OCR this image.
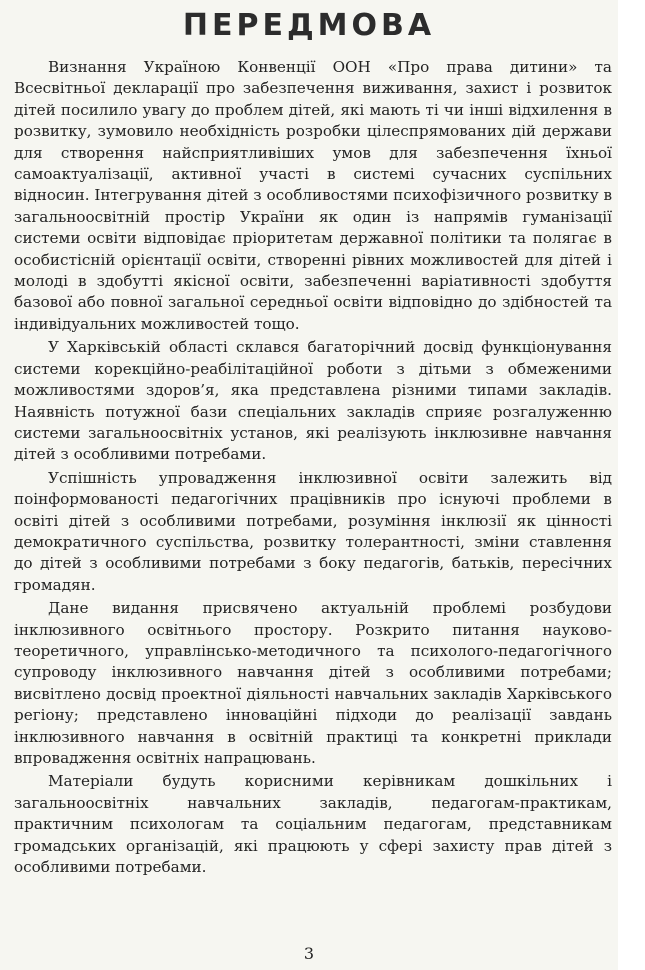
ПЕРЕДМОВА

Визнання Україною Конвенції ООН «Про права дитини» та Всесвітньої декларації про забезпечення виживання, захист і розвиток дітей посилило увагу до проблем дітей, які мають ті чи інші відхилення в розвитку, зумовило необхідність розробки цілеспрямованих дій держави для створення найсприятливіших умов для забезпечення їхньої самоактуалізації, активної участі в системі сучасних суспільних відносин. Інтегрування дітей з особливостями психофізичного розвитку в загальноосвітній простір України як один із напрямів гуманізації системи освіти відповідає пріоритетам державної політики та полягає в особистісній орієнтації освіти, створенні рівних можливостей для дітей і молоді в здобутті якісної освіти, забезпеченні варіативності здобуття базової або повної загальної середньої освіти відповідно до здібностей та індивідуальних можливостей тощо.

У Харківській області склався багаторічний досвід функціонування системи корекційно-реабілітаційної роботи з дітьми з обмеженими можливостями здоров’я, яка представлена різними типами закладів. Наявність потужної бази спеціальних закладів сприяє розгалуженню системи загальноосвітніх установ, які реалізують інклюзивне навчання дітей з особливими потребами.

Успішність упровадження інклюзивної освіти залежить від поінформованості педагогічних працівників про існуючі проблеми в освіті дітей з особливими потребами, розуміння інклюзії як цінності демократичного суспільства, розвитку толерантності, зміни ставлення до дітей з особливими потребами з боку педагогів, батьків, пересічних громадян.

Дане видання присвячено актуальній проблемі розбудови інклюзивного освітнього простору. Розкрито питання науково-теоретичного, управлінсько-методичного та психолого-педагогічного супроводу інклюзивного навчання дітей з особливими потребами; висвітлено досвід проектної діяльності навчальних закладів Харківського регіону; представлено інноваційні підходи до реалізації завдань інклюзивного навчання в освітній практиці та конкретні приклади впровадження освітніх напрацювань.

Матеріали будуть корисними керівникам дошкільних і загальноосвітніх навчальних закладів, педагогам-практикам, практичним психологам та соціальним педагогам, представникам громадських організацій, які працюють у сфері захисту прав дітей з особливими потребами.

3
